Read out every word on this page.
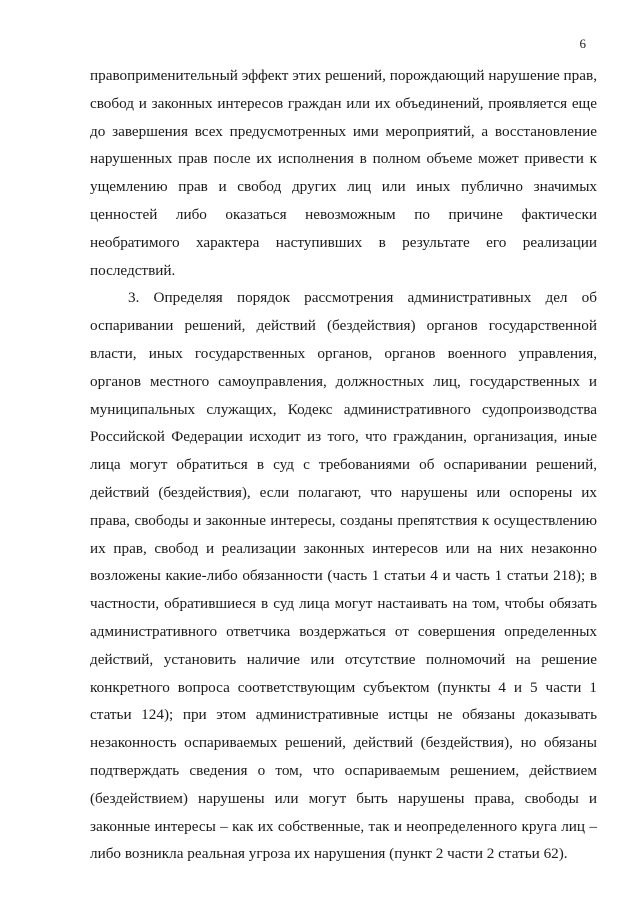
6

правоприменительный эффект этих решений, порождающий нарушение прав, свобод и законных интересов граждан или их объединений, проявляется еще до завершения всех предусмотренных ими мероприятий, а восстановление нарушенных прав после их исполнения в полном объеме может привести к ущемлению прав и свобод других лиц или иных публично значимых ценностей либо оказаться невозможным по причине фактически необратимого характера наступивших в результате его реализации последствий.

3. Определяя порядок рассмотрения административных дел об оспаривании решений, действий (бездействия) органов государственной власти, иных государственных органов, органов военного управления, органов местного самоуправления, должностных лиц, государственных и муниципальных служащих, Кодекс административного судопроизводства Российской Федерации исходит из того, что гражданин, организация, иные лица могут обратиться в суд с требованиями об оспаривании решений, действий (бездействия), если полагают, что нарушены или оспорены их права, свободы и законные интересы, созданы препятствия к осуществлению их прав, свобод и реализации законных интересов или на них незаконно возложены какие-либо обязанности (часть 1 статьи 4 и часть 1 статьи 218); в частности, обратившиеся в суд лица могут настаивать на том, чтобы обязать административного ответчика воздержаться от совершения определенных действий, установить наличие или отсутствие полномочий на решение конкретного вопроса соответствующим субъектом (пункты 4 и 5 части 1 статьи 124); при этом административные истцы не обязаны доказывать незаконность оспариваемых решений, действий (бездействия), но обязаны подтверждать сведения о том, что оспариваемым решением, действием (бездействием) нарушены или могут быть нарушены права, свободы и законные интересы – как их собственные, так и неопределенного круга лиц – либо возникла реальная угроза их нарушения (пункт 2 части 2 статьи 62).
